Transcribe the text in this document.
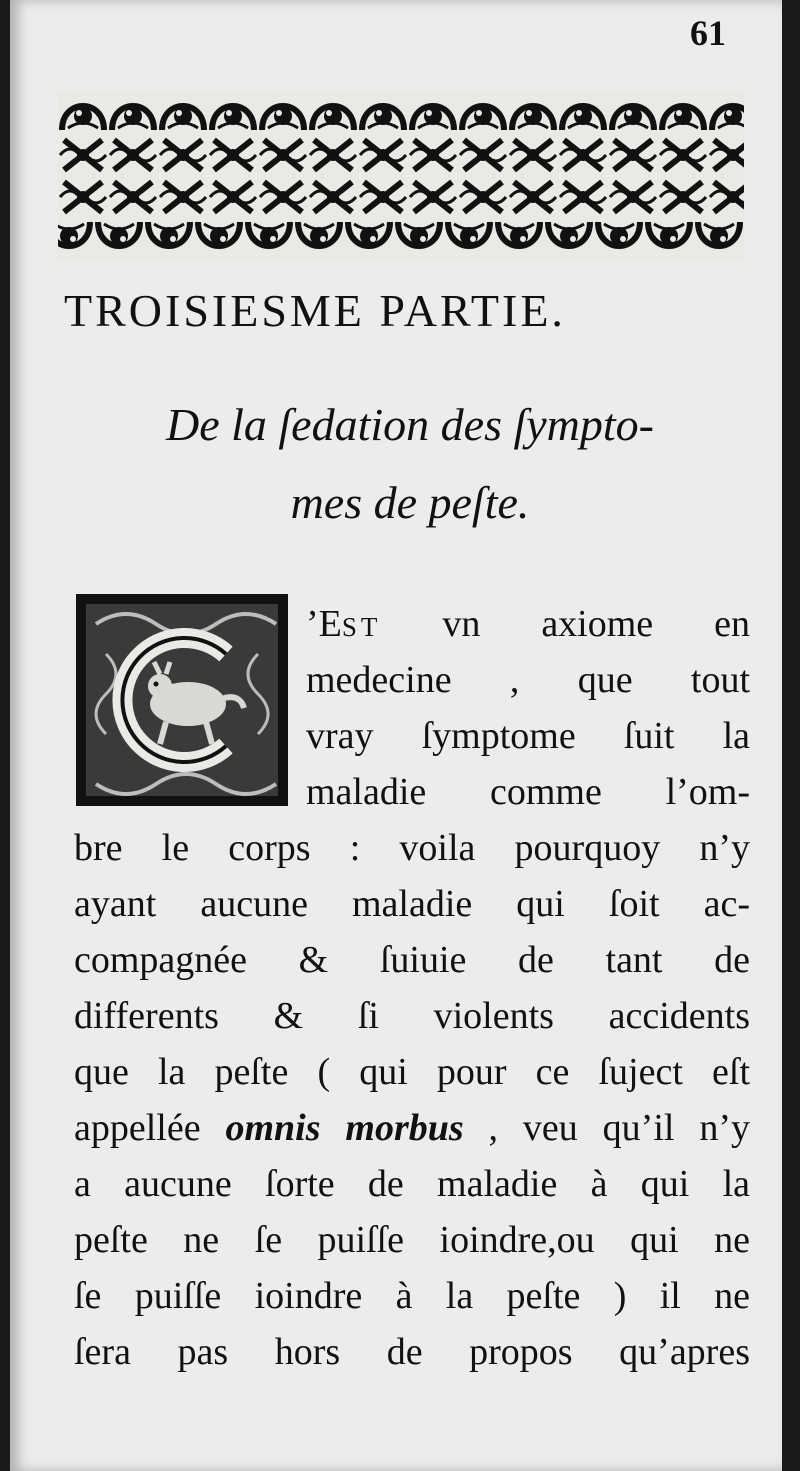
61
TROISIESME PARTIE.
De la ſedation des ſympto-
mes de peſte.
’Est vn axiome en
medecine , que tout
vray ſymptome ſuit la
maladie comme l’om-
bre le corps : voila pourquoy n’y
ayant aucune maladie qui ſoit ac-
compagnée & ſuiuie de tant de
differents & ſi violents accidents
que la peſte ( qui pour ce ſuject eſt
appellée omnis morbus , veu qu’il n’y
a aucune ſorte de maladie à qui la
peſte ne ſe puiſſe ioindre,ou qui ne
ſe puiſſe ioindre à la peſte ) il ne
ſera pas hors de propos qu’apres
